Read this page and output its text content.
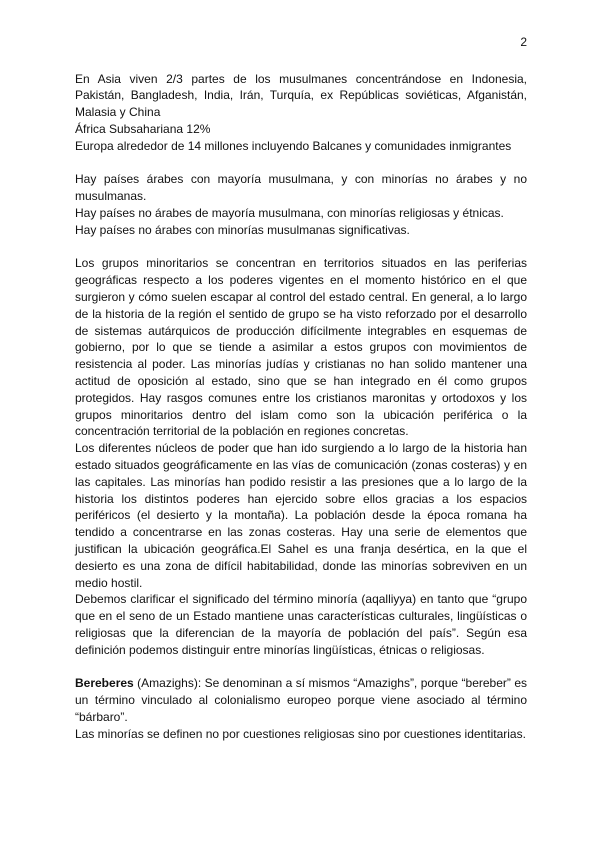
2

En Asia viven 2/3 partes de los musulmanes concentrándose en Indonesia, Pakistán, Bangladesh, India, Irán, Turquía, ex Repúblicas soviéticas, Afganistán, Malasia y China

África Subsahariana 12%

Europa alrededor de 14 millones incluyendo Balcanes y comunidades inmigrantes

Hay países árabes con mayoría musulmana, y con minorías no árabes y no musulmanas.

Hay países no árabes de mayoría musulmana, con minorías religiosas y étnicas.

Hay países no árabes con minorías musulmanas significativas.

Los grupos minoritarios se concentran en territorios situados en las periferias geográficas respecto a los poderes vigentes en el momento histórico en el que surgieron y cómo suelen escapar al control del estado central. En general, a lo largo de la historia de la región el sentido de grupo se ha visto reforzado por el desarrollo de sistemas autárquicos de producción difícilmente integrables en esquemas de gobierno, por lo que se tiende a asimilar a estos grupos con movimientos de resistencia al poder. Las minorías judías y cristianas no han solido mantener una actitud de oposición al estado, sino que se han integrado en él como grupos protegidos. Hay rasgos comunes entre los cristianos maronitas y ortodoxos y los grupos minoritarios dentro del islam como son la ubicación periférica o la concentración territorial de la población en regiones concretas.

Los diferentes núcleos de poder que han ido surgiendo a lo largo de la historia han estado situados geográficamente en las vías de comunicación (zonas costeras) y en las capitales. Las minorías han podido resistir a las presiones que a lo largo de la historia los distintos poderes han ejercido sobre ellos gracias a los espacios periféricos (el desierto y la montaña). La población desde la época romana ha tendido a concentrarse en las zonas costeras. Hay una serie de elementos que justifican la ubicación geográfica.El Sahel es una franja desértica, en la que el desierto es una zona de difícil habitabilidad, donde las minorías sobreviven en un medio hostil.

Debemos clarificar el significado del término minoría (aqalliyya) en tanto que “grupo que en el seno de un Estado mantiene unas características culturales, lingüísticas o religiosas que la diferencian de la mayoría de población del país”. Según esa definición podemos distinguir entre minorías lingüísticas, étnicas o religiosas.

Bereberes (Amazighs): Se denominan a sí mismos “Amazighs”, porque “bereber” es un término vinculado al colonialismo europeo porque viene asociado al término “bárbaro”.

Las minorías se definen no por cuestiones religiosas sino por cuestiones identitarias.
